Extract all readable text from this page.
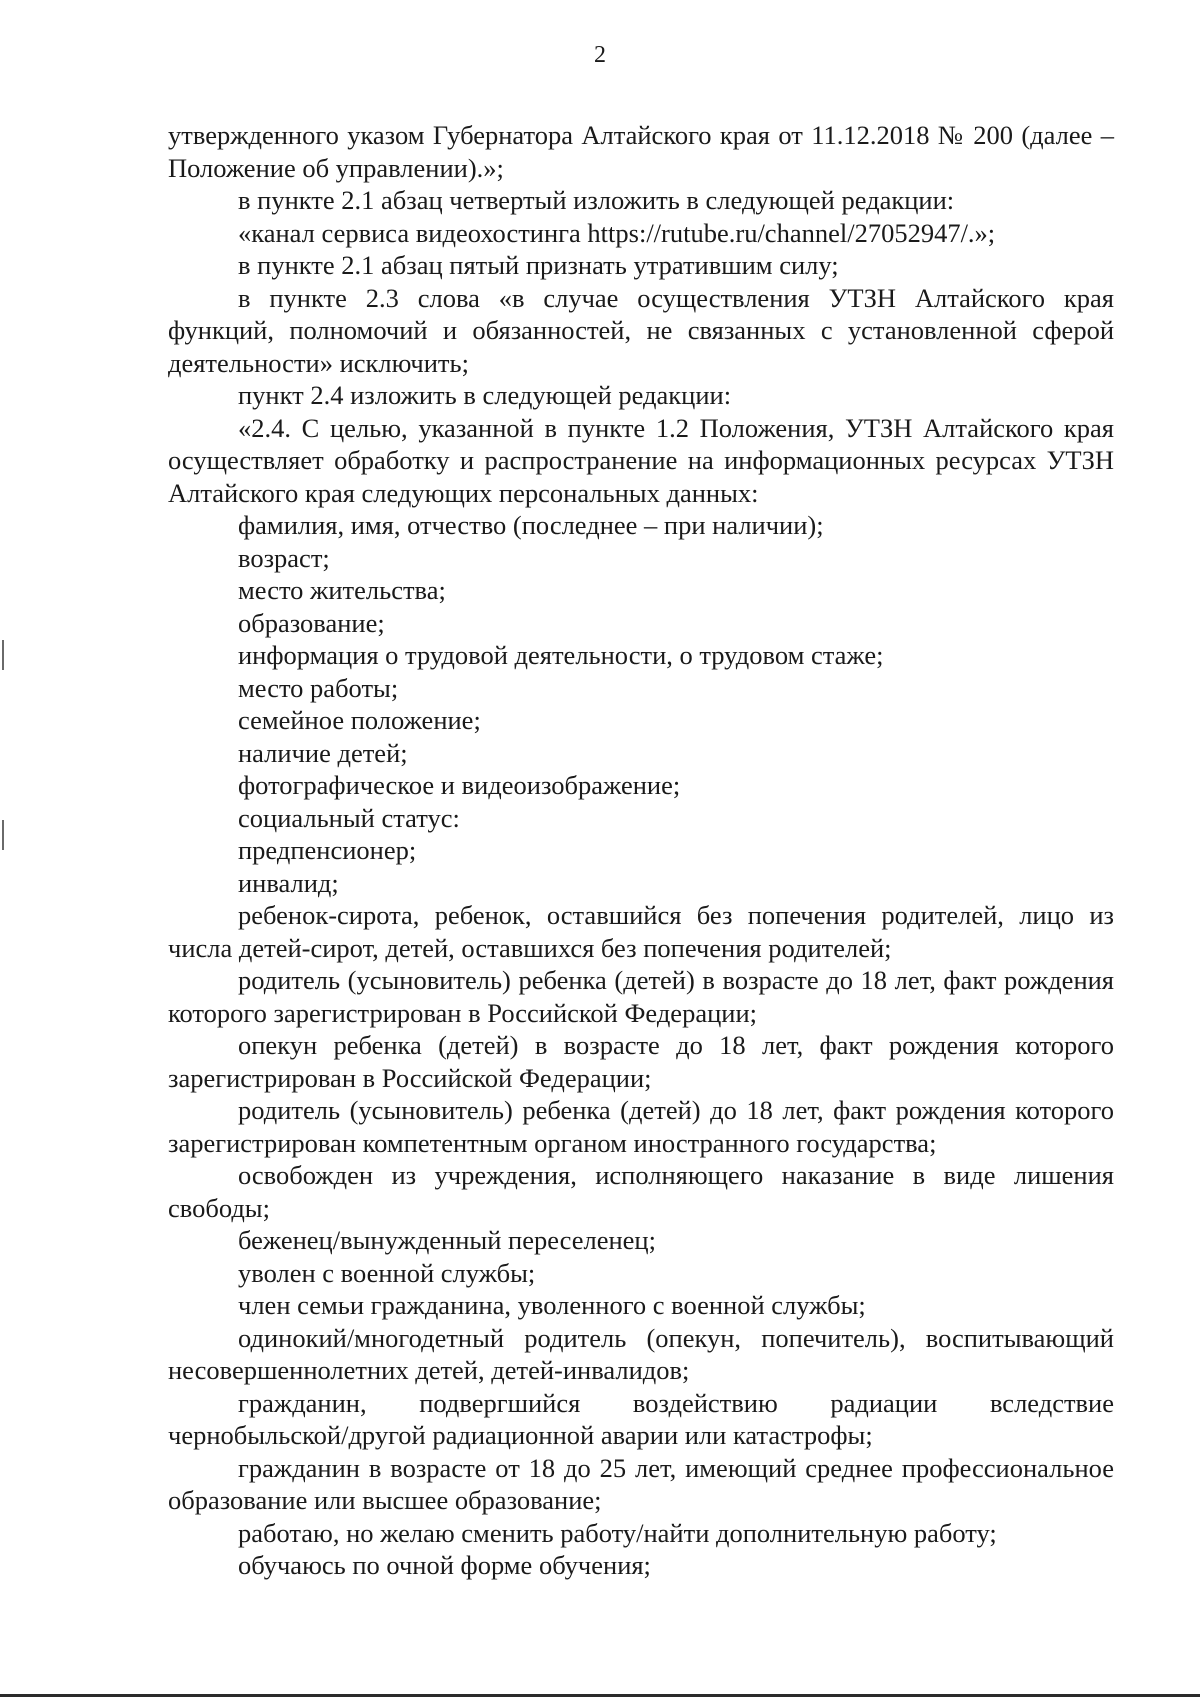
2

утвержденного указом Губернатора Алтайского края от 11.12.2018 № 200 (далее – Положение об управлении).»;

в пункте 2.1 абзац четвертый изложить в следующей редакции:

«канал сервиса видеохостинга https://rutube.ru/channel/27052947/.»;

в пункте 2.1 абзац пятый признать утратившим силу;

в пункте 2.3 слова «в случае осуществления УТЗН Алтайского края функций, полномочий и обязанностей, не связанных с установленной сферой деятельности» исключить;

пункт 2.4 изложить в следующей редакции:

«2.4. С целью, указанной в пункте 1.2 Положения, УТЗН Алтайского края осуществляет обработку и распространение на информационных ресурсах УТЗН Алтайского края следующих персональных данных:

фамилия, имя, отчество (последнее – при наличии);

возраст;

место жительства;

образование;

информация о трудовой деятельности, о трудовом стаже;

место работы;

семейное положение;

наличие детей;

фотографическое и видеоизображение;

социальный статус:

предпенсионер;

инвалид;

ребенок-сирота, ребенок, оставшийся без попечения родителей, лицо из числа детей-сирот, детей, оставшихся без попечения родителей;

родитель (усыновитель) ребенка (детей) в возрасте до 18 лет, факт рождения которого зарегистрирован в Российской Федерации;

опекун ребенка (детей) в возрасте до 18 лет, факт рождения которого зарегистрирован в Российской Федерации;

родитель (усыновитель) ребенка (детей) до 18 лет, факт рождения которого зарегистрирован компетентным органом иностранного государства;

освобожден из учреждения, исполняющего наказание в виде лишения свободы;

беженец/вынужденный переселенец;

уволен с военной службы;

член семьи гражданина, уволенного с военной службы;

одинокий/многодетный родитель (опекун, попечитель), воспитывающий несовершеннолетних детей, детей-инвалидов;

гражданин, подвергшийся воздействию радиации вследствие чернобыльской/другой радиационной аварии или катастрофы;

гражданин в возрасте от 18 до 25 лет, имеющий среднее профессиональное образование или высшее образование;

работаю, но желаю сменить работу/найти дополнительную работу;

обучаюсь по очной форме обучения;
